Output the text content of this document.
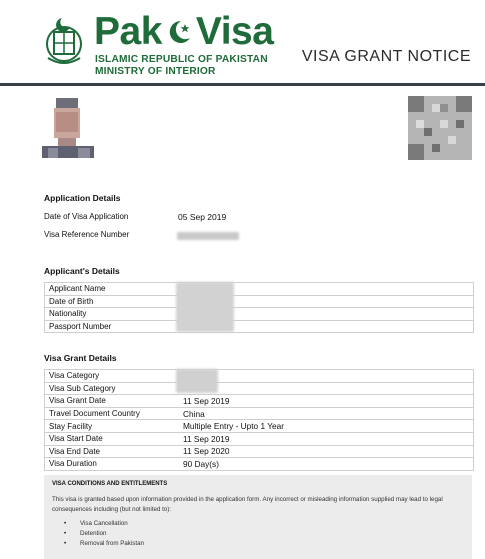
Pak Visa
ISLAMIC REPUBLIC OF PAKISTAN
MINISTRY OF INTERIOR
VISA GRANT NOTICE
Application Details
Date of Visa Application	05 Sep 2019
Visa Reference Number
Applicant's Details
Applicant Name	
Date of Birth	
Nationality	
Passport Number	
Visa Grant Details
Visa Category	
Visa Sub Category	
Visa Grant Date	11 Sep 2019
Travel Document Country	China
Stay Facility	Multiple Entry - Upto 1 Year
Visa Start Date	11 Sep 2019
Visa End Date	11 Sep 2020
Visa Duration	90 Day(s)
VISA CONDITIONS AND ENTITLEMENTS
This visa is granted based upon information provided in the application form. Any incorrect or misleading information supplied may lead to legal consequences including (but not limited to):
• Visa Cancellation
• Detention
• Removal from Pakistan
